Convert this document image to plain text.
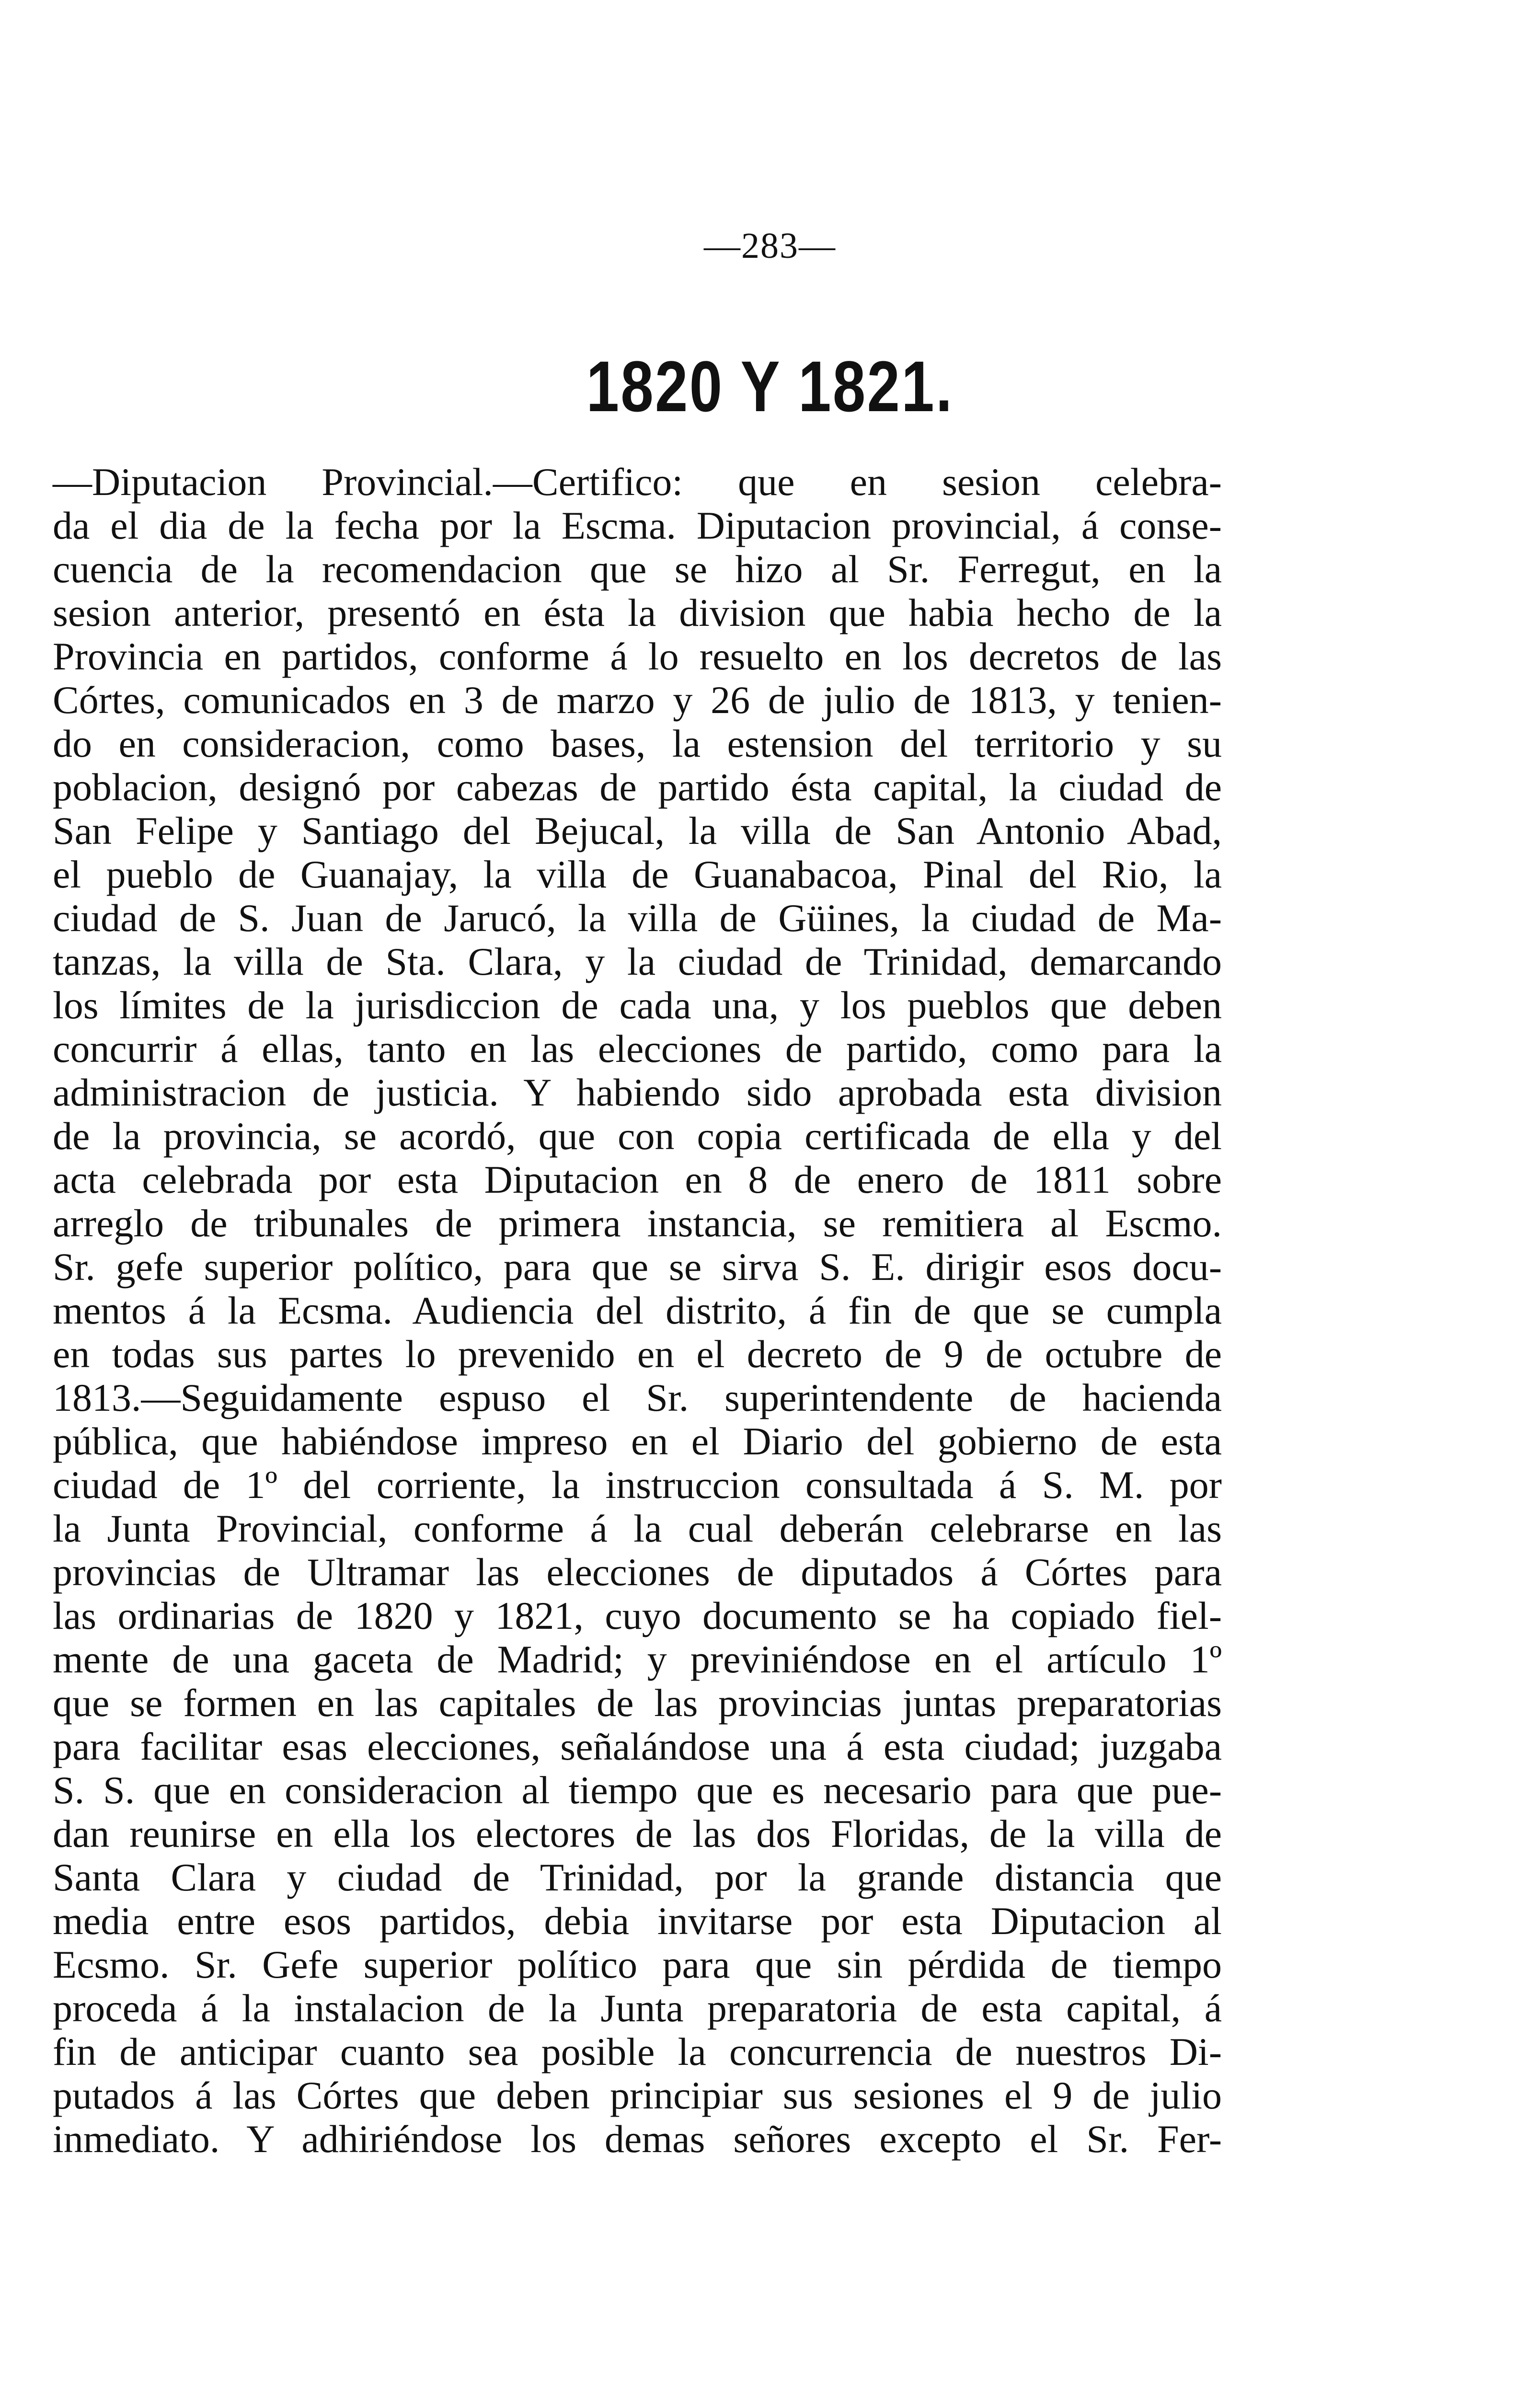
—283—
1820 Y 1821.
—Diputacion Provincial.—Certifico: que en sesion celebra-
da el dia de la fecha por la Escma. Diputacion provincial, á conse-
cuencia de la recomendacion que se hizo al Sr. Ferregut, en la
sesion anterior, presentó en ésta la division que habia hecho de la
Provincia en partidos, conforme á lo resuelto en los decretos de las
Córtes, comunicados en 3 de marzo y 26 de julio de 1813, y tenien-
do en consideracion, como bases, la estension del territorio y su
poblacion, designó por cabezas de partido ésta capital, la ciudad de
San Felipe y Santiago del Bejucal, la villa de San Antonio Abad,
el pueblo de Guanajay, la villa de Guanabacoa, Pinal del Rio, la
ciudad de S. Juan de Jarucó, la villa de Güines, la ciudad de Ma-
tanzas, la villa de Sta. Clara, y la ciudad de Trinidad, demarcando
los límites de la jurisdiccion de cada una, y los pueblos que deben
concurrir á ellas, tanto en las elecciones de partido, como para la
administracion de justicia. Y habiendo sido aprobada esta division
de la provincia, se acordó, que con copia certificada de ella y del
acta celebrada por esta Diputacion en 8 de enero de 1811 sobre
arreglo de tribunales de primera instancia, se remitiera al Escmo.
Sr. gefe superior político, para que se sirva S. E. dirigir esos docu-
mentos á la Ecsma. Audiencia del distrito, á fin de que se cumpla
en todas sus partes lo prevenido en el decreto de 9 de octubre de
1813.—Seguidamente espuso el Sr. superintendente de hacienda
pública, que habiéndose impreso en el Diario del gobierno de esta
ciudad de 1º del corriente, la instruccion consultada á S. M. por
la Junta Provincial, conforme á la cual deberán celebrarse en las
provincias de Ultramar las elecciones de diputados á Córtes para
las ordinarias de 1820 y 1821, cuyo documento se ha copiado fiel-
mente de una gaceta de Madrid; y previniéndose en el artículo 1º
que se formen en las capitales de las provincias juntas preparatorias
para facilitar esas elecciones, señalándose una á esta ciudad; juzgaba
S. S. que en consideracion al tiempo que es necesario para que pue-
dan reunirse en ella los electores de las dos Floridas, de la villa de
Santa Clara y ciudad de Trinidad, por la grande distancia que
media entre esos partidos, debia invitarse por esta Diputacion al
Ecsmo. Sr. Gefe superior político para que sin pérdida de tiempo
proceda á la instalacion de la Junta preparatoria de esta capital, á
fin de anticipar cuanto sea posible la concurrencia de nuestros Di-
putados á las Córtes que deben principiar sus sesiones el 9 de julio
inmediato. Y adhiriéndose los demas señores excepto el Sr. Fer-
